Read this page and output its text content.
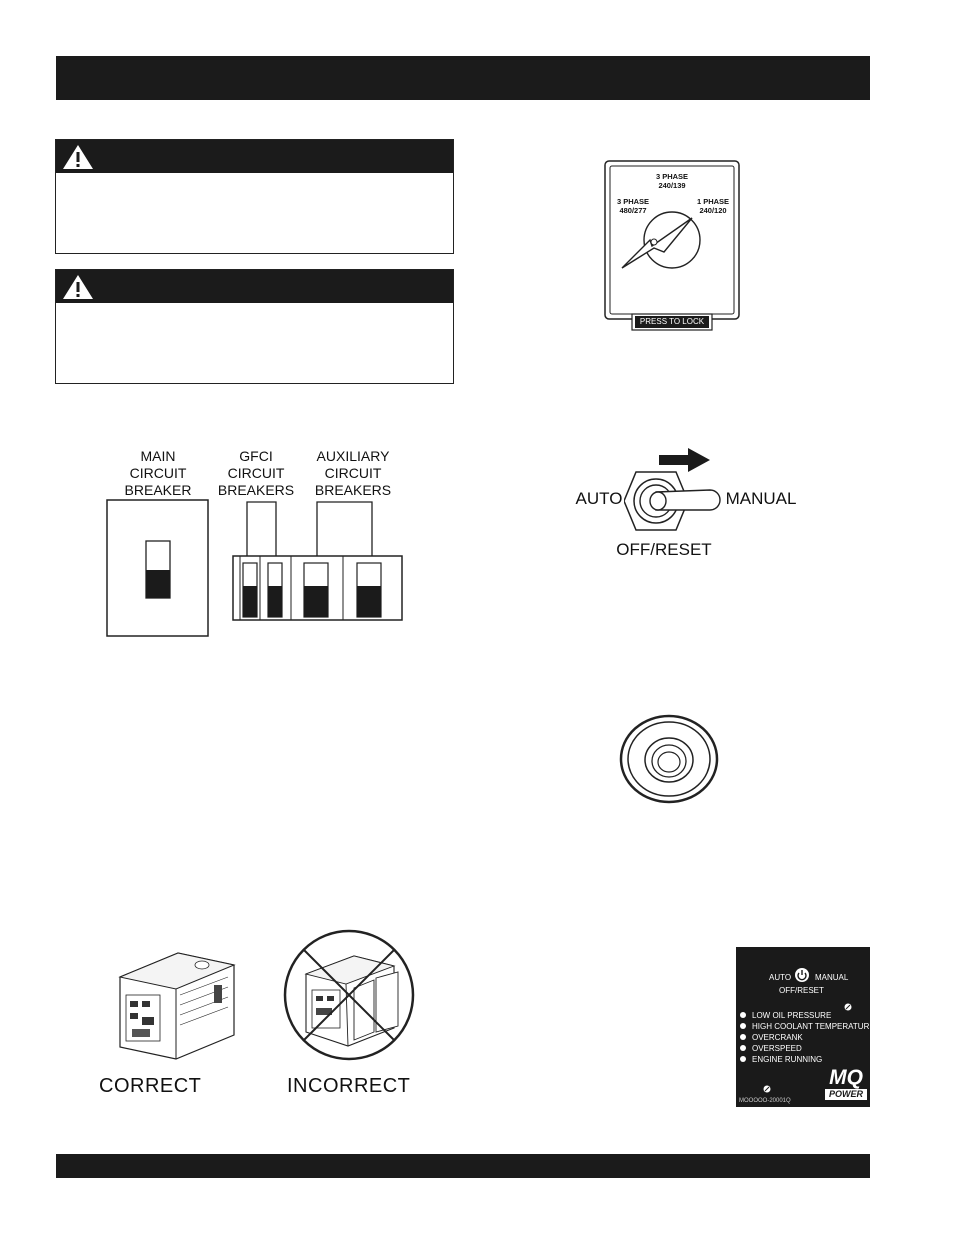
3 PHASE
240/139
3 PHASE
480/277
1 PHASE
240/120
PRESS TO LOCK
MAIN
CIRCUIT
BREAKER
GFCI
CIRCUIT
BREAKERS
AUXILIARY
CIRCUIT
BREAKERS	AUTO	MANUAL
OFF/RESET
CORRECT	INCORRECT
AUTO	MANUAL
OFF/RESET
LOW OIL PRESSURE
HIGH COOLANT TEMPERATURE
OVERCRANK
OVERSPEED
ENGINE RUNNING
MOOOOO-20001Q
MQ
POWER
